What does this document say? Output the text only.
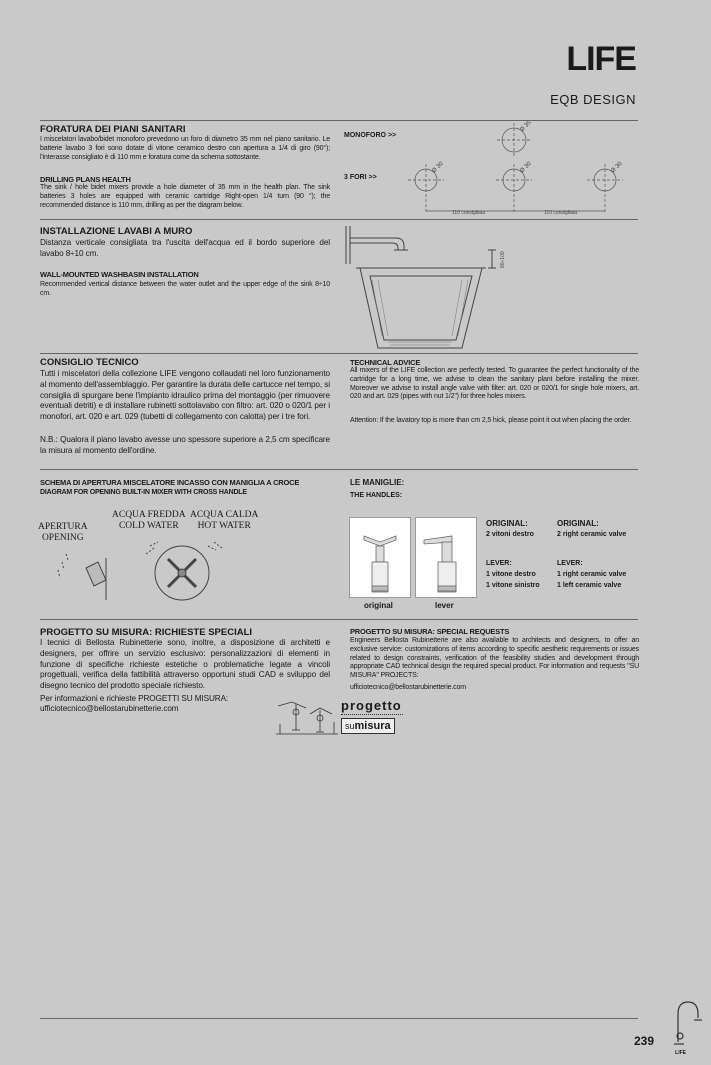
LIFE
EQB DESIGN
FORATURA DEI PIANI SANITARI
I miscelatori lavabo/bidet monoforo prevedono un foro di diametro 35 mm nel piano sanitario. Le batterie lavabo 3 fori sono dotate di vitone ceramico destro con apertura a 1/4 di giro (90°); l'interasse consigliato è di 110 mm e foratura come da schema sottostante.
DRILLING PLANS HEALTH
The sink / hole bidet mixers provide a hole diameter of 35 mm in the health plan. The sink batteries 3 holes are equipped with ceramic cartridge Right-open 1/4 turn (90 °); the recommended distance is 110 mm, drilling as per the diagram below.
MONOFORO >>
3 FORI >>
Ø 35
Ø 30	Ø 30	Ø 30
110 consigliata	110 consigliata
INSTALLAZIONE LAVABI A MURO
Distanza verticale consigliata tra l'uscita dell'acqua ed il bordo superiore del lavabo 8÷10 cm.
WALL-MOUNTED WASHBASIN INSTALLATION
Recommended vertical distance between the water outlet and the upper edge of the sink 8÷10 cm.
80÷100
CONSIGLIO TECNICO
Tutti i miscelatori della collezione LIFE vengono collaudati nel loro funzionamento al momento dell'assemblaggio. Per garantire la durata delle cartucce nel tempo, si consiglia di spurgare bene l'impianto idraulico prima del montaggio (per rimuovere eventuali detriti) e di installare rubinetti sottolavabo con filtro: art. 020 o 020/1 per i monofori, art. 020 e art. 029 (tubetti di collegamento con calotta) per i tre fori.
N.B.: Qualora il piano lavabo avesse uno spessore superiore a 2,5 cm specificare la misura al momento dell'ordine.
TECHNICAL ADVICE
All mixers of the LIFE collection are perfectly tested. To guarantee the perfect functionality of the cartridge for a long time, we advise to clean the sanitary plant before installing the mixer. Moreover we advise to install angle valve with filter: art. 020 or 020/1 for single hole mixers, art. 020 and art. 029 (pipes with nut 1/2") for three holes mixers.
Attention: If the lavatory top is more than cm 2,5 hick, please point it out when placing the order.
SCHEMA DI APERTURA MISCELATORE INCASSO CON MANIGLIA A CROCE
DIAGRAM FOR OPENING BUILT-IN MIXER WITH CROSS HANDLE
APERTURA
OPENING
ACQUA FREDDA
COLD WATER
ACQUA CALDA
HOT WATER
LE MANIGLIE:
THE HANDLES:
original	lever
ORIGINAL:
2 vitoni destro
ORIGINAL:
2 right ceramic valve
LEVER:
1 vitone destro
1 vitone sinistro
LEVER:
1 right ceramic valve
1 left ceramic valve
PROGETTO SU MISURA: RICHIESTE SPECIALI
I tecnici di Bellosta Rubinetterie sono, inoltre, a disposizione di architetti e designers, per offrire un servizio esclusivo: personalizzazioni di elementi in funzione di specifiche richieste estetiche o problematiche legate a vincoli progettuali, verifica della fattibilità attraverso opportuni studi CAD e sviluppo del disegno tecnico del prodotto speciale richiesto.
Per informazioni e richieste PROGETTI SU MISURA:
ufficiotecnico@bellostarubinetterie.com
PROGETTO SU MISURA: SPECIAL REQUESTS
Engineers Bellosta Rubinetterie are also available to architects and designers, to offer an exclusive service: customizations of items according to specific aesthetic requirements or issues related to design constraints, verification of the feasibility studies and development through appropriate CAD technical design the required special product. For information and requests "SU MISURA" PROJECTS:
ufficiotecnico@bellostarubinetterie.com
progetto
sumisura
239
LIFE
